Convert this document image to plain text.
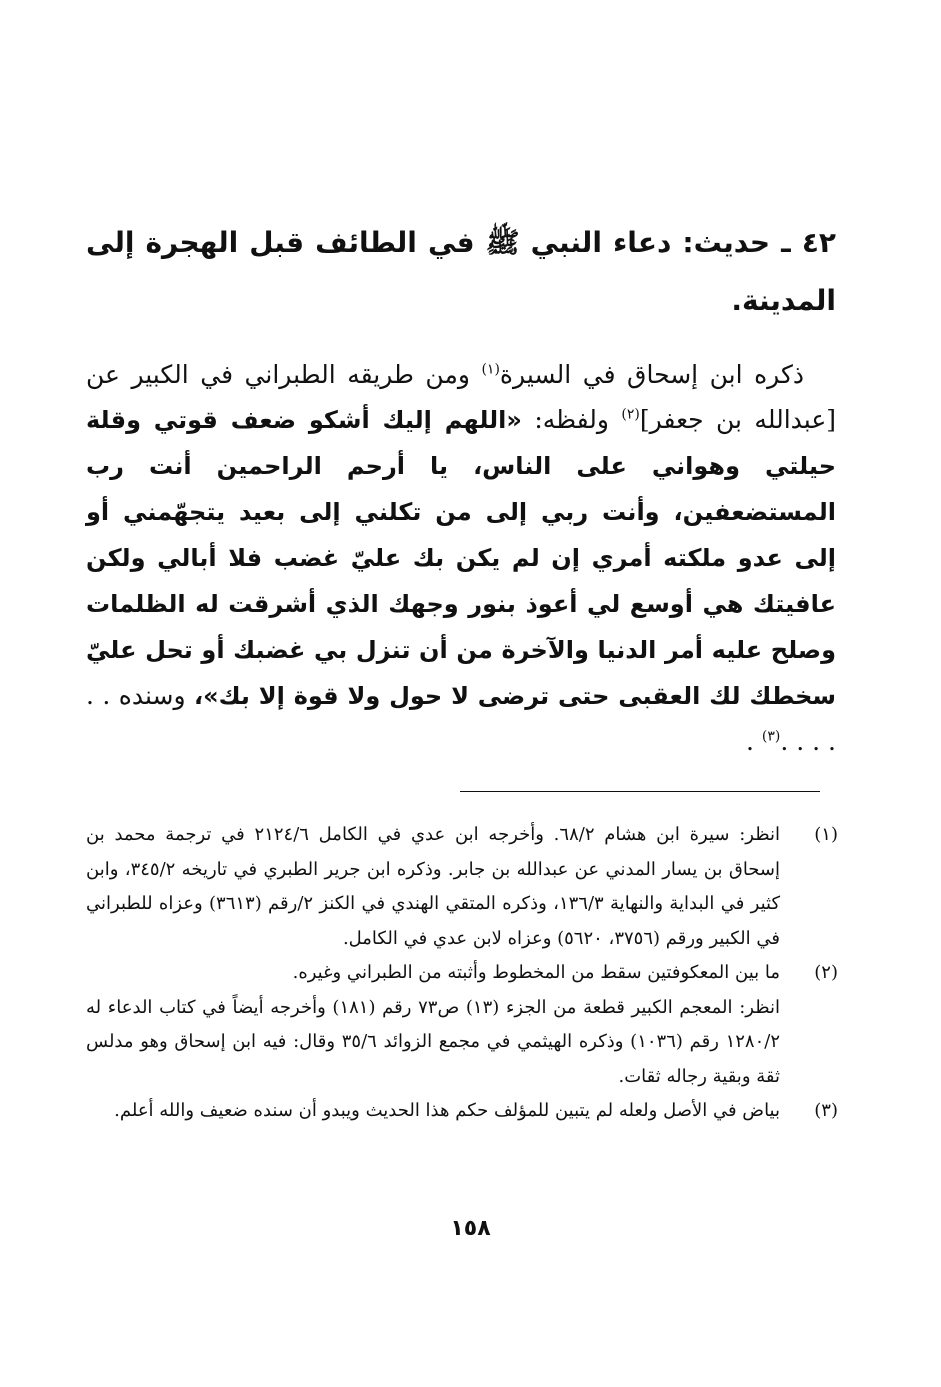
٤٢ ـ حديث: دعاء النبي ﷺ في الطائف قبل الهجرة إلى المدينة.
ذكره ابن إسحاق في السيرة$^{(١)}$ ومن طريقه الطبراني في الكبير عن [عبدالله بن جعفر]$^{(٢)}$ ولفظه: «اللهم إليك أشكو ضعف قوتي وقلة حيلتي وهواني على الناس، يا أرحم الراحمين أنت رب المستضعفين، وأنت ربي إلى من تكلني إلى بعيد يتجهّمني أو إلى عدو ملكته أمري إن لم يكن بك عليّ غضب فلا أبالي ولكن عافيتك هي أوسع لي أعوذ بنور وجهك الذي أشرقت له الظلمات وصلح عليه أمر الدنيا والآخرة من أن تنزل بي غضبك أو تحل عليّ سخطك لك العقبى حتى ترضى لا حول ولا قوة إلا بك»، وسنده . . . . . .$^{(٣)}$ .
(١)
انظر: سيرة ابن هشام ٦٨/٢. وأخرجه ابن عدي في الكامل ٢١٢٤/٦ في ترجمة محمد بن إسحاق بن يسار المدني عن عبدالله بن جابر. وذكره ابن جرير الطبري في تاريخه ٣٤٥/٢، وابن كثير في البداية والنهاية ١٣٦/٣، وذكره المتقي الهندي في الكنز ٢/رقم (٣٦١٣) وعزاه للطبراني في الكبير ورقم (٣٧٥٦، ٥٦٢٠) وعزاه لابن عدي في الكامل.
(٢)
ما بين المعكوفتين سقط من المخطوط وأثبته من الطبراني وغيره.
انظر: المعجم الكبير قطعة من الجزء (١٣) ص٧٣ رقم (١٨١) وأخرجه أيضاً في كتاب الدعاء له ١٢٨٠/٢ رقم (١٠٣٦) وذكره الهيثمي في مجمع الزوائد ٣٥/٦ وقال: فيه ابن إسحاق وهو مدلس ثقة وبقية رجاله ثقات.
(٣)
بياض في الأصل ولعله لم يتبين للمؤلف حكم هذا الحديث ويبدو أن سنده ضعيف والله أعلم.
١٥٨
